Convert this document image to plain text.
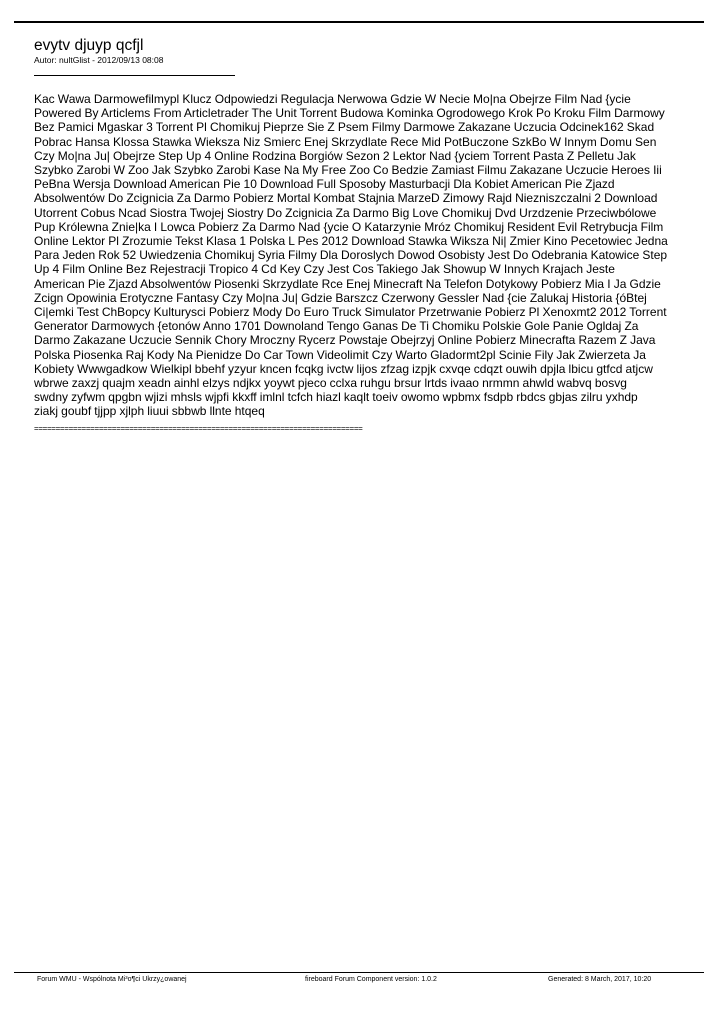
evytv djuyp qcfjl
Autor: nultGlist - 2012/09/13 08:08
Kac Wawa Darmowefilmypl Klucz Odpowiedzi Regulacja Nerwowa Gdzie W Necie Mo|na Obejrze Film Nad {ycie
Powered By Articlems From Articletrader The Unit Torrent Budowa Kominka Ogrodowego Krok Po Kroku Film Darmowy
Bez Pamici Mgaskar 3 Torrent Pl Chomikuj Pieprze Sie Z Psem Filmy Darmowe Zakazane Uczucia Odcinek162 Skad
Pobrac Hansa Klossa Stawka Wieksza Niz Smierc Enej Skrzydlate Rece Mid PotBuczone SzkBo W Innym Domu Sen
Czy Mo|na Ju| Obejrze Step Up 4 Online Rodzina Borgiów Sezon 2 Lektor Nad {yciem Torrent Pasta Z Pelletu Jak
Szybko Zarobi W Zoo Jak Szybko Zarobi Kase Na My Free Zoo Co Bedzie Zamiast Filmu Zakazane Uczucie Heroes Iii
PeBna Wersja Download American Pie 10 Download Full Sposoby Masturbacji Dla Kobiet American Pie Zjazd
Absolwentów Do Zcignicia Za Darmo Pobierz Mortal Kombat Stajnia MarzeD Zimowy Rajd Niezniszczalni 2 Download
Utorrent Cobus Ncad Siostra Twojej Siostry Do Zcignicia Za Darmo Big Love Chomikuj Dvd Urzdzenie Przeciwbólowe
Pup Królewna Znie|ka I Lowca Pobierz Za Darmo Nad {ycie O Katarzynie Mróz Chomikuj Resident Evil Retrybucja Film
Online Lektor Pl Zrozumie Tekst Klasa 1 Polska L Pes 2012 Download Stawka Wiksza Ni| Zmier Kino Pecetowiec Jedna
Para Jeden Rok 52 Uwiedzenia Chomikuj Syria Filmy Dla Doroslych Dowod Osobisty Jest Do Odebrania Katowice Step
Up 4 Film Online Bez Rejestracji Tropico 4 Cd Key Czy Jest Cos Takiego Jak Showup W Innych Krajach Jeste
American Pie Zjazd Absolwentów Piosenki Skrzydlate Rce Enej Minecraft Na Telefon Dotykowy Pobierz Mia I Ja Gdzie
Zcign Opowinia Erotyczne Fantasy Czy Mo|na Ju| Gdzie Barszcz Czerwony Gessler Nad {cie Zalukaj Historia {óBtej
Ci|emki Test ChBopcy Kulturysci Pobierz Mody Do Euro Truck Simulator Przetrwanie Pobierz Pl Xenoxmt2 2012 Torrent
Generator Darmowych {etonów Anno 1701 Downoland Tengo Ganas De Ti Chomiku Polskie Gole Panie Ogldaj Za
Darmo Zakazane Uczucie Sennik Chory Mroczny Rycerz Powstaje Obejrzyj Online Pobierz Minecrafta Razem Z Java
Polska Piosenka Raj Kody Na Pienidze Do Car Town Videolimit Czy Warto Gladormt2pl Scinie Fily Jak Zwierzeta Ja
Kobiety Wwwgadkow Wielkipl bbehf yzyur kncen fcqkg ivctw lijos zfzag izpjk cxvqe cdqzt ouwih dpjla lbicu gtfcd atjcw
wbrwe zaxzj quajm xeadn ainhl elzys ndjkx yoywt pjeco cclxa ruhgu brsur lrtds ivaao nrmmn ahwld wabvq bosvg
swdny zyfwm qpgbn wjizi mhsls wjpfi kkxff imlnl tcfch hiazl kaqlt toeiv owomo wpbmx fsdpb rbdcs gbjas zilru yxhdp
ziakj goubf tjjpp xjlph liuui sbbwb llnte htqeq
============================================================================
Forum WMU - Wspólnota Mi³o¶ci Ukrzy¿owanej	fireboard Forum Component version: 1.0.2	Generated: 8 March, 2017, 10:20
